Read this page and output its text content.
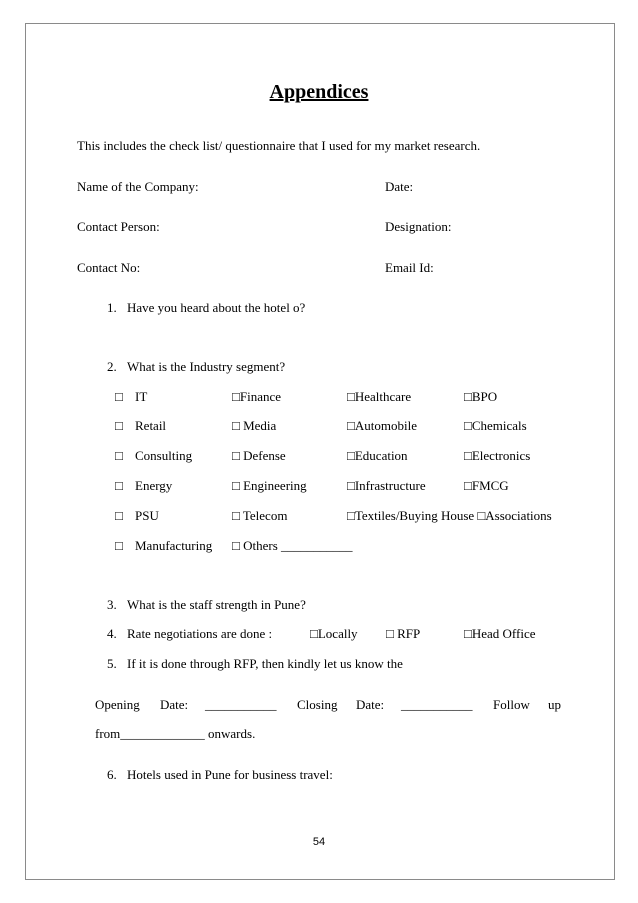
Appendices
This includes the check list/ questionnaire that I used for my market research.
Name of the Company:	Date:
Contact Person:	Designation:
Contact No:	Email Id:
1. Have you heard about the hotel o?
2. What is the Industry segment?
□ IT	□Finance	□Healthcare	□BPO
□ Retail	□ Media	□Automobile	□Chemicals
□ Consulting	□ Defense	□Education	□Electronics
□ Energy	□ Engineering	□Infrastructure	□FMCG
□ PSU	□ Telecom	□Textiles/Buying House □Associations
□ Manufacturing □ Others ___________
3. What is the staff strength in Pune?
4. Rate negotiations are done :	□Locally □ RFP	□Head Office
5. If it is done through RFP, then kindly let us know the
Opening Date: ___________ Closing Date: ___________ Follow up
from_____________ onwards.
6. Hotels used in Pune for business travel:
54
